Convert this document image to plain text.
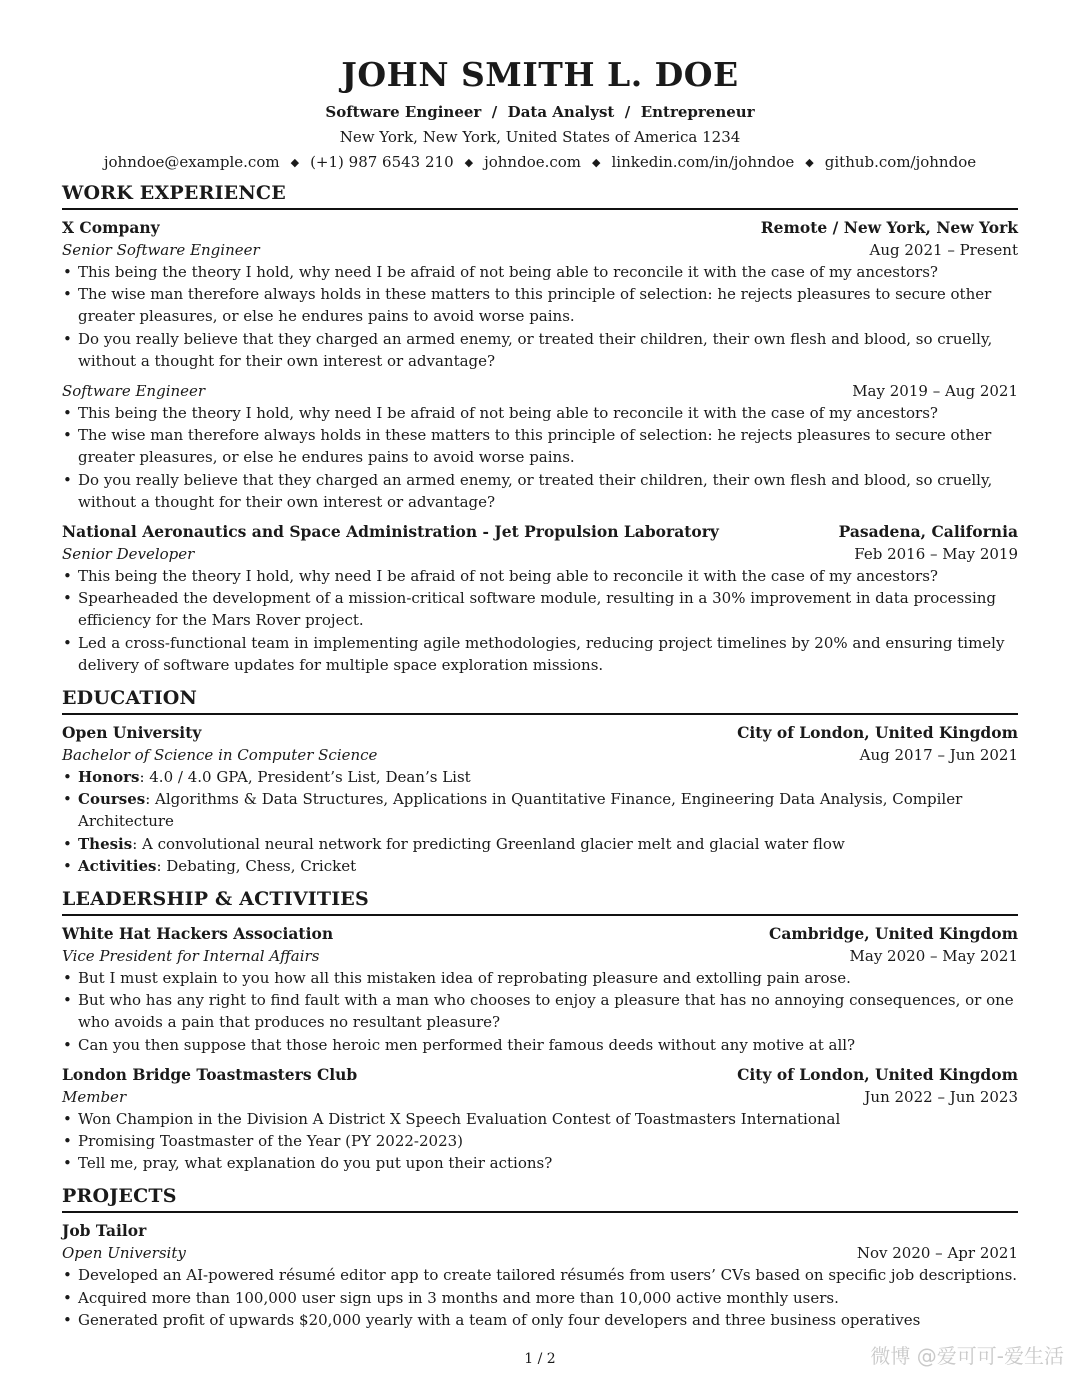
JOHN SMITH L. DOE
Software Engineer  /  Data Analyst  /  Entrepreneur
New York, New York, United States of America 1234
johndoe@example.com ◆ (+1) 987 6543 210 ◆ johndoe.com ◆ linkedin.com/in/johndoe ◆ github.com/johndoe
WORK EXPERIENCE
X Company	Remote / New York, New York
Senior Software Engineer	Aug 2021 – Present
• This being the theory I hold, why need I be afraid of not being able to reconcile it with the case of my ancestors?
• The wise man therefore always holds in these matters to this principle of selection: he rejects pleasures to secure other greater pleasures, or else he endures pains to avoid worse pains.
• Do you really believe that they charged an armed enemy, or treated their children, their own flesh and blood, so cruelly, without a thought for their own interest or advantage?
Software Engineer	May 2019 – Aug 2021
• This being the theory I hold, why need I be afraid of not being able to reconcile it with the case of my ancestors?
• The wise man therefore always holds in these matters to this principle of selection: he rejects pleasures to secure other greater pleasures, or else he endures pains to avoid worse pains.
• Do you really believe that they charged an armed enemy, or treated their children, their own flesh and blood, so cruelly, without a thought for their own interest or advantage?
National Aeronautics and Space Administration - Jet Propulsion Laboratory	Pasadena, California
Senior Developer	Feb 2016 – May 2019
• This being the theory I hold, why need I be afraid of not being able to reconcile it with the case of my ancestors?
• Spearheaded the development of a mission-critical software module, resulting in a 30% improvement in data processing efficiency for the Mars Rover project.
• Led a cross-functional team in implementing agile methodologies, reducing project timelines by 20% and ensuring timely delivery of software updates for multiple space exploration missions.
EDUCATION
Open University	City of London, United Kingdom
Bachelor of Science in Computer Science	Aug 2017 – Jun 2021
• Honors: 4.0 / 4.0 GPA, President’s List, Dean’s List
• Courses: Algorithms & Data Structures, Applications in Quantitative Finance, Engineering Data Analysis, Compiler Architecture
• Thesis: A convolutional neural network for predicting Greenland glacier melt and glacial water flow
• Activities: Debating, Chess, Cricket
LEADERSHIP & ACTIVITIES
White Hat Hackers Association	Cambridge, United Kingdom
Vice President for Internal Affairs	May 2020 – May 2021
• But I must explain to you how all this mistaken idea of reprobating pleasure and extolling pain arose.
• But who has any right to find fault with a man who chooses to enjoy a pleasure that has no annoying consequences, or one who avoids a pain that produces no resultant pleasure?
• Can you then suppose that those heroic men performed their famous deeds without any motive at all?
London Bridge Toastmasters Club	City of London, United Kingdom
Member	Jun 2022 – Jun 2023
• Won Champion in the Division A District X Speech Evaluation Contest of Toastmasters International
• Promising Toastmaster of the Year (PY 2022-2023)
• Tell me, pray, what explanation do you put upon their actions?
PROJECTS
Job Tailor
Open University	Nov 2020 – Apr 2021
• Developed an AI-powered résumé editor app to create tailored résumés from users’ CVs based on specific job descriptions.
• Acquired more than 100,000 user sign ups in 3 months and more than 10,000 active monthly users.
• Generated profit of upwards $20,000 yearly with a team of only four developers and three business operatives
1 / 2	微博 @爱可可-爱生活
